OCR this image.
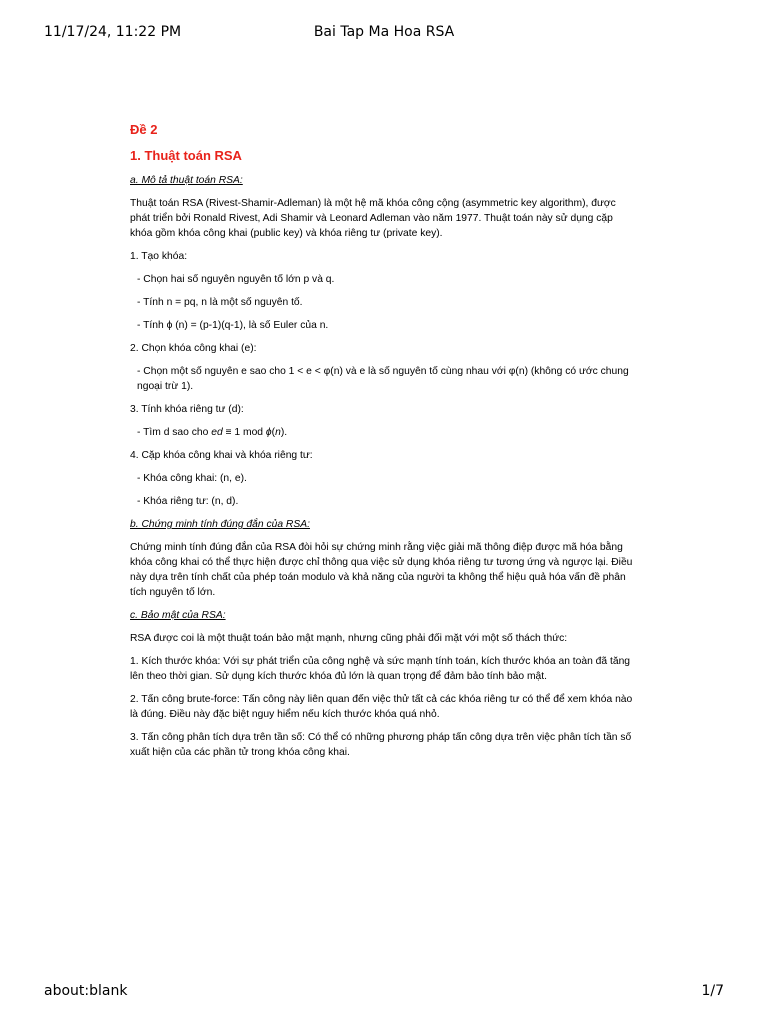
11/17/24, 11:22 PM	Bai Tap Ma Hoa RSA

Đề 2

1. Thuật toán RSA

a. Mô tả thuật toán RSA:

Thuật toán RSA (Rivest-Shamir-Adleman) là một hệ mã khóa công cộng (asymmetric key algorithm), được phát triển bởi Ronald Rivest, Adi Shamir và Leonard Adleman vào năm 1977. Thuật toán này sử dụng cặp khóa gồm khóa công khai (public key) và khóa riêng tư (private key).

1. Tạo khóa:

- Chọn hai số nguyên nguyên tố lớn p và q.

- Tính n = pq, n là một số nguyên tố.

- Tính ϕ (n) = (p-1)(q-1), là số Euler của n.

2. Chọn khóa công khai (e):

- Chọn một số nguyên e sao cho 1 < e < φ(n) và e là số nguyên tố cùng nhau với φ(n) (không có ước chung ngoại trừ 1).

3. Tính khóa riêng tư (d):

- Tìm d sao cho ed ≡ 1 mod ϕ(n).

4. Cặp khóa công khai và khóa riêng tư:

- Khóa công khai: (n, e).

- Khóa riêng tư: (n, d).

b. Chứng minh tính đúng đắn của RSA:

Chứng minh tính đúng đắn của RSA đòi hỏi sự chứng minh rằng việc giải mã thông điệp được mã hóa bằng khóa công khai có thể thực hiện được chỉ thông qua việc sử dụng khóa riêng tư tương ứng và ngược lại. Điều này dựa trên tính chất của phép toán modulo và khả năng của người ta không thể hiệu quả hóa vấn đề phân tích nguyên tố lớn.

c. Bảo mật của RSA:

RSA được coi là một thuật toán bảo mật mạnh, nhưng cũng phải đối mặt với một số thách thức:

1. Kích thước khóa: Với sự phát triển của công nghệ và sức mạnh tính toán, kích thước khóa an toàn đã tăng lên theo thời gian. Sử dụng kích thước khóa đủ lớn là quan trọng để đảm bảo tính bảo mật.

2. Tấn công brute-force: Tấn công này liên quan đến việc thử tất cả các khóa riêng tư có thể để xem khóa nào là đúng. Điều này đặc biệt nguy hiểm nếu kích thước khóa quá nhỏ.

3. Tấn công phân tích dựa trên tần số: Có thể có những phương pháp tấn công dựa trên việc phân tích tần số xuất hiện của các phần tử trong khóa công khai.

about:blank	1/7
